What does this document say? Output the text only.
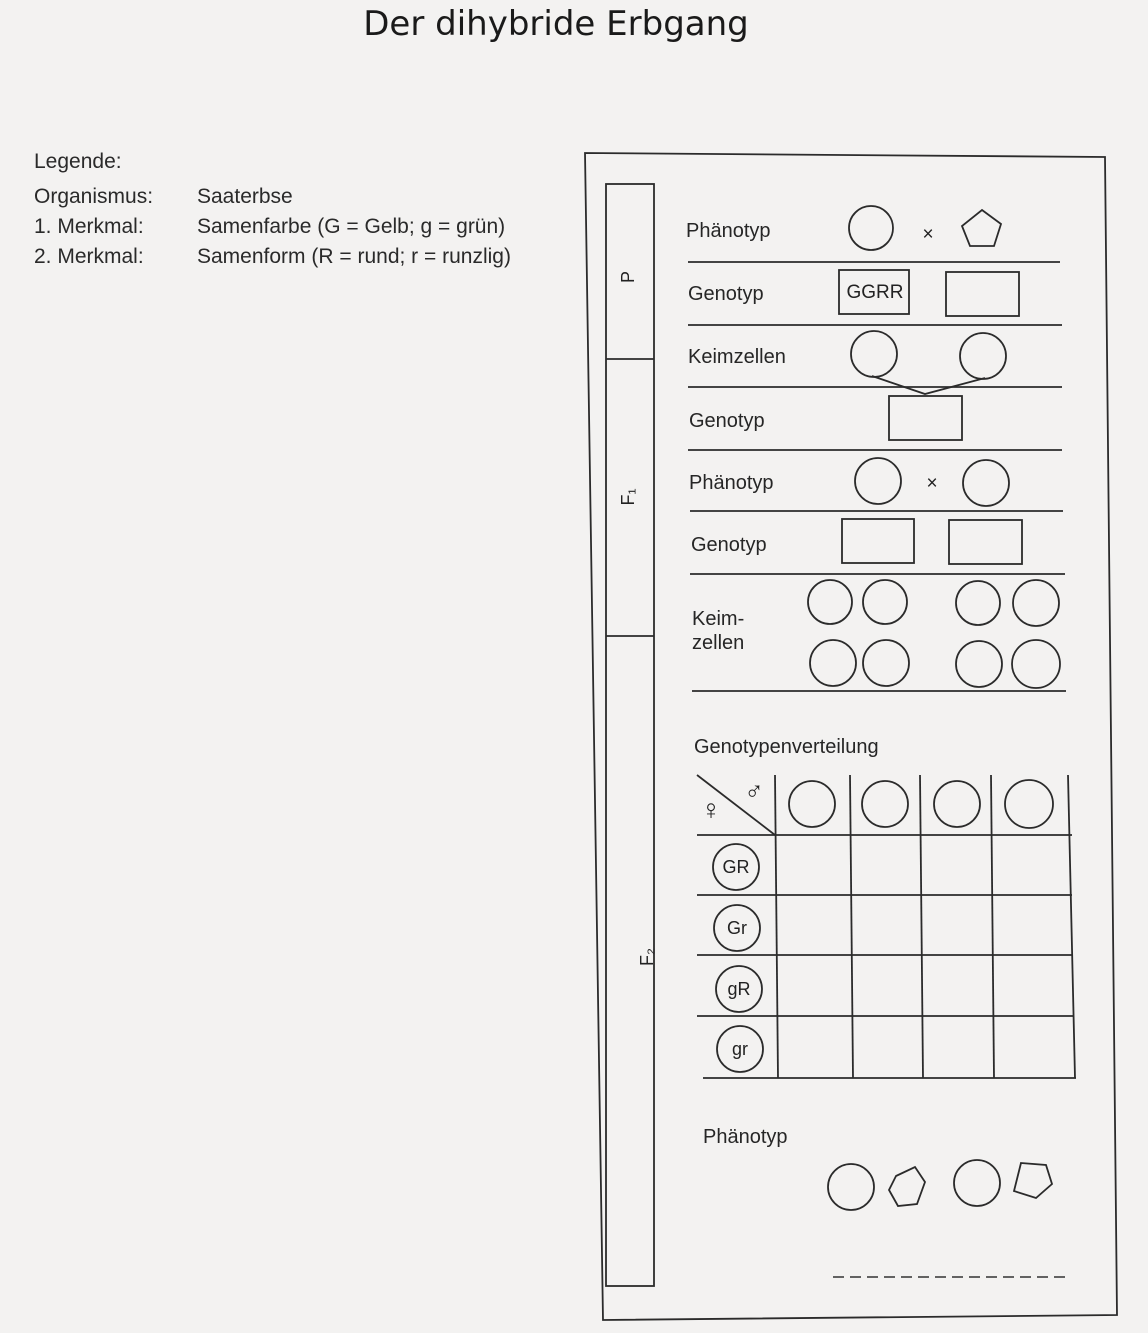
Der dihybride Erbgang
Legende:
Organismus: Saaterbse
1. Merkmal:	Samenfarbe (G = Gelb; g = grün)
2. Merkmal:	Samenform (R = rund; r = runzlig)
P
F₁
F₂
Phänotyp
Genotyp
Keimzellen
Genotyp
Phänotyp
Genotyp
Keim-
zellen
Genotypenverteilung
Phänotyp
×
×
GGRR
♂
♀
GR
Gr
gR
gr
